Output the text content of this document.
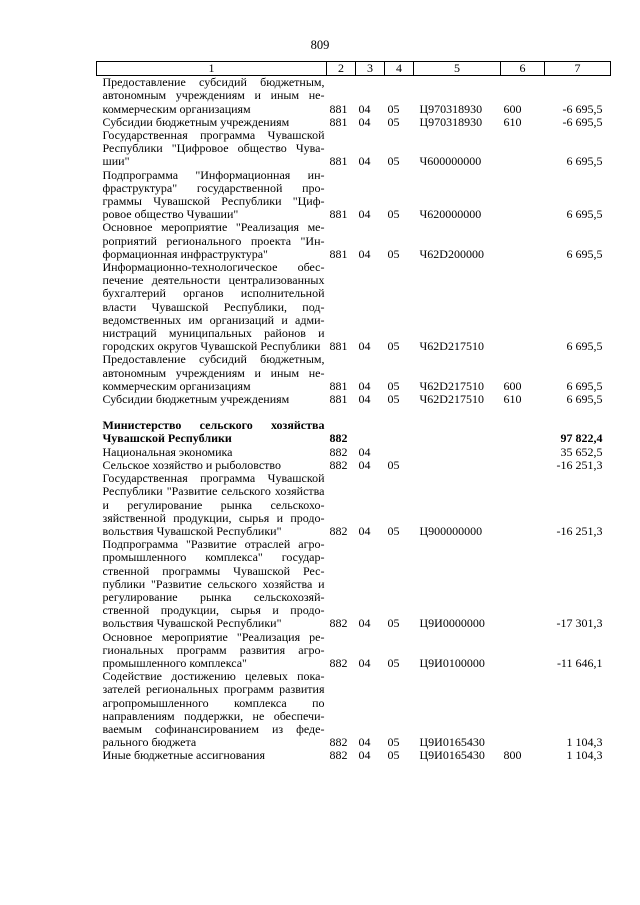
809
1	2	3	4	5	6	7
Предоставление субсидий бюджетным, автономным учреждениям и иным некоммерческим организациям	881	04	05	Ц970318930	600	-6 695,5
Субсидии бюджетным учреждениям	881	04	05	Ц970318930	610	-6 695,5
Государственная программа Чувашской Республики "Цифровое общество Чувашии"	881	04	05	Ч600000000		6 695,5
Подпрограмма "Информационная инфраструктура" государственной программы Чувашской Республики "Цифровое общество Чувашии"	881	04	05	Ч620000000		6 695,5
Основное мероприятие "Реализация мероприятий регионального проекта "Информационная инфраструктура"	881	04	05	Ч62D200000		6 695,5
Информационно-технологическое обеспечение деятельности централизованных бухгалтерий органов исполнительной власти Чувашской Республики, подведомственных им организаций и администраций муниципальных районов и городских округов Чувашской Республики	881	04	05	Ч62D217510		6 695,5
Предоставление субсидий бюджетным, автономным учреждениям и иным некоммерческим организациям	881	04	05	Ч62D217510	600	6 695,5
Субсидии бюджетным учреждениям	881	04	05	Ч62D217510	610	6 695,5

Министерство сельского хозяйства Чувашской Республики	882					97 822,4
Национальная экономика	882	04				35 652,5
Сельское хозяйство и рыболовство	882	04	05			-16 251,3
Государственная программа Чувашской Республики "Развитие сельского хозяйства и регулирование рынка сельскохозяйственной продукции, сырья и продовольствия Чувашской Республики"	882	04	05	Ц900000000		-16 251,3
Подпрограмма "Развитие отраслей агропромышленного комплекса" государственной программы Чувашской Республики "Развитие сельского хозяйства и регулирование рынка сельскохозяйственной продукции, сырья и продовольствия Чувашской Республики"	882	04	05	Ц9И0000000		-17 301,3
Основное мероприятие "Реализация региональных программ развития агропромышленного комплекса"	882	04	05	Ц9И0100000		-11 646,1
Содействие достижению целевых показателей региональных программ развития агропромышленного комплекса по направлениям поддержки, не обеспечиваемым софинансированием из федерального бюджета	882	04	05	Ц9И0165430		1 104,3
Иные бюджетные ассигнования	882	04	05	Ц9И0165430	800	1 104,3
